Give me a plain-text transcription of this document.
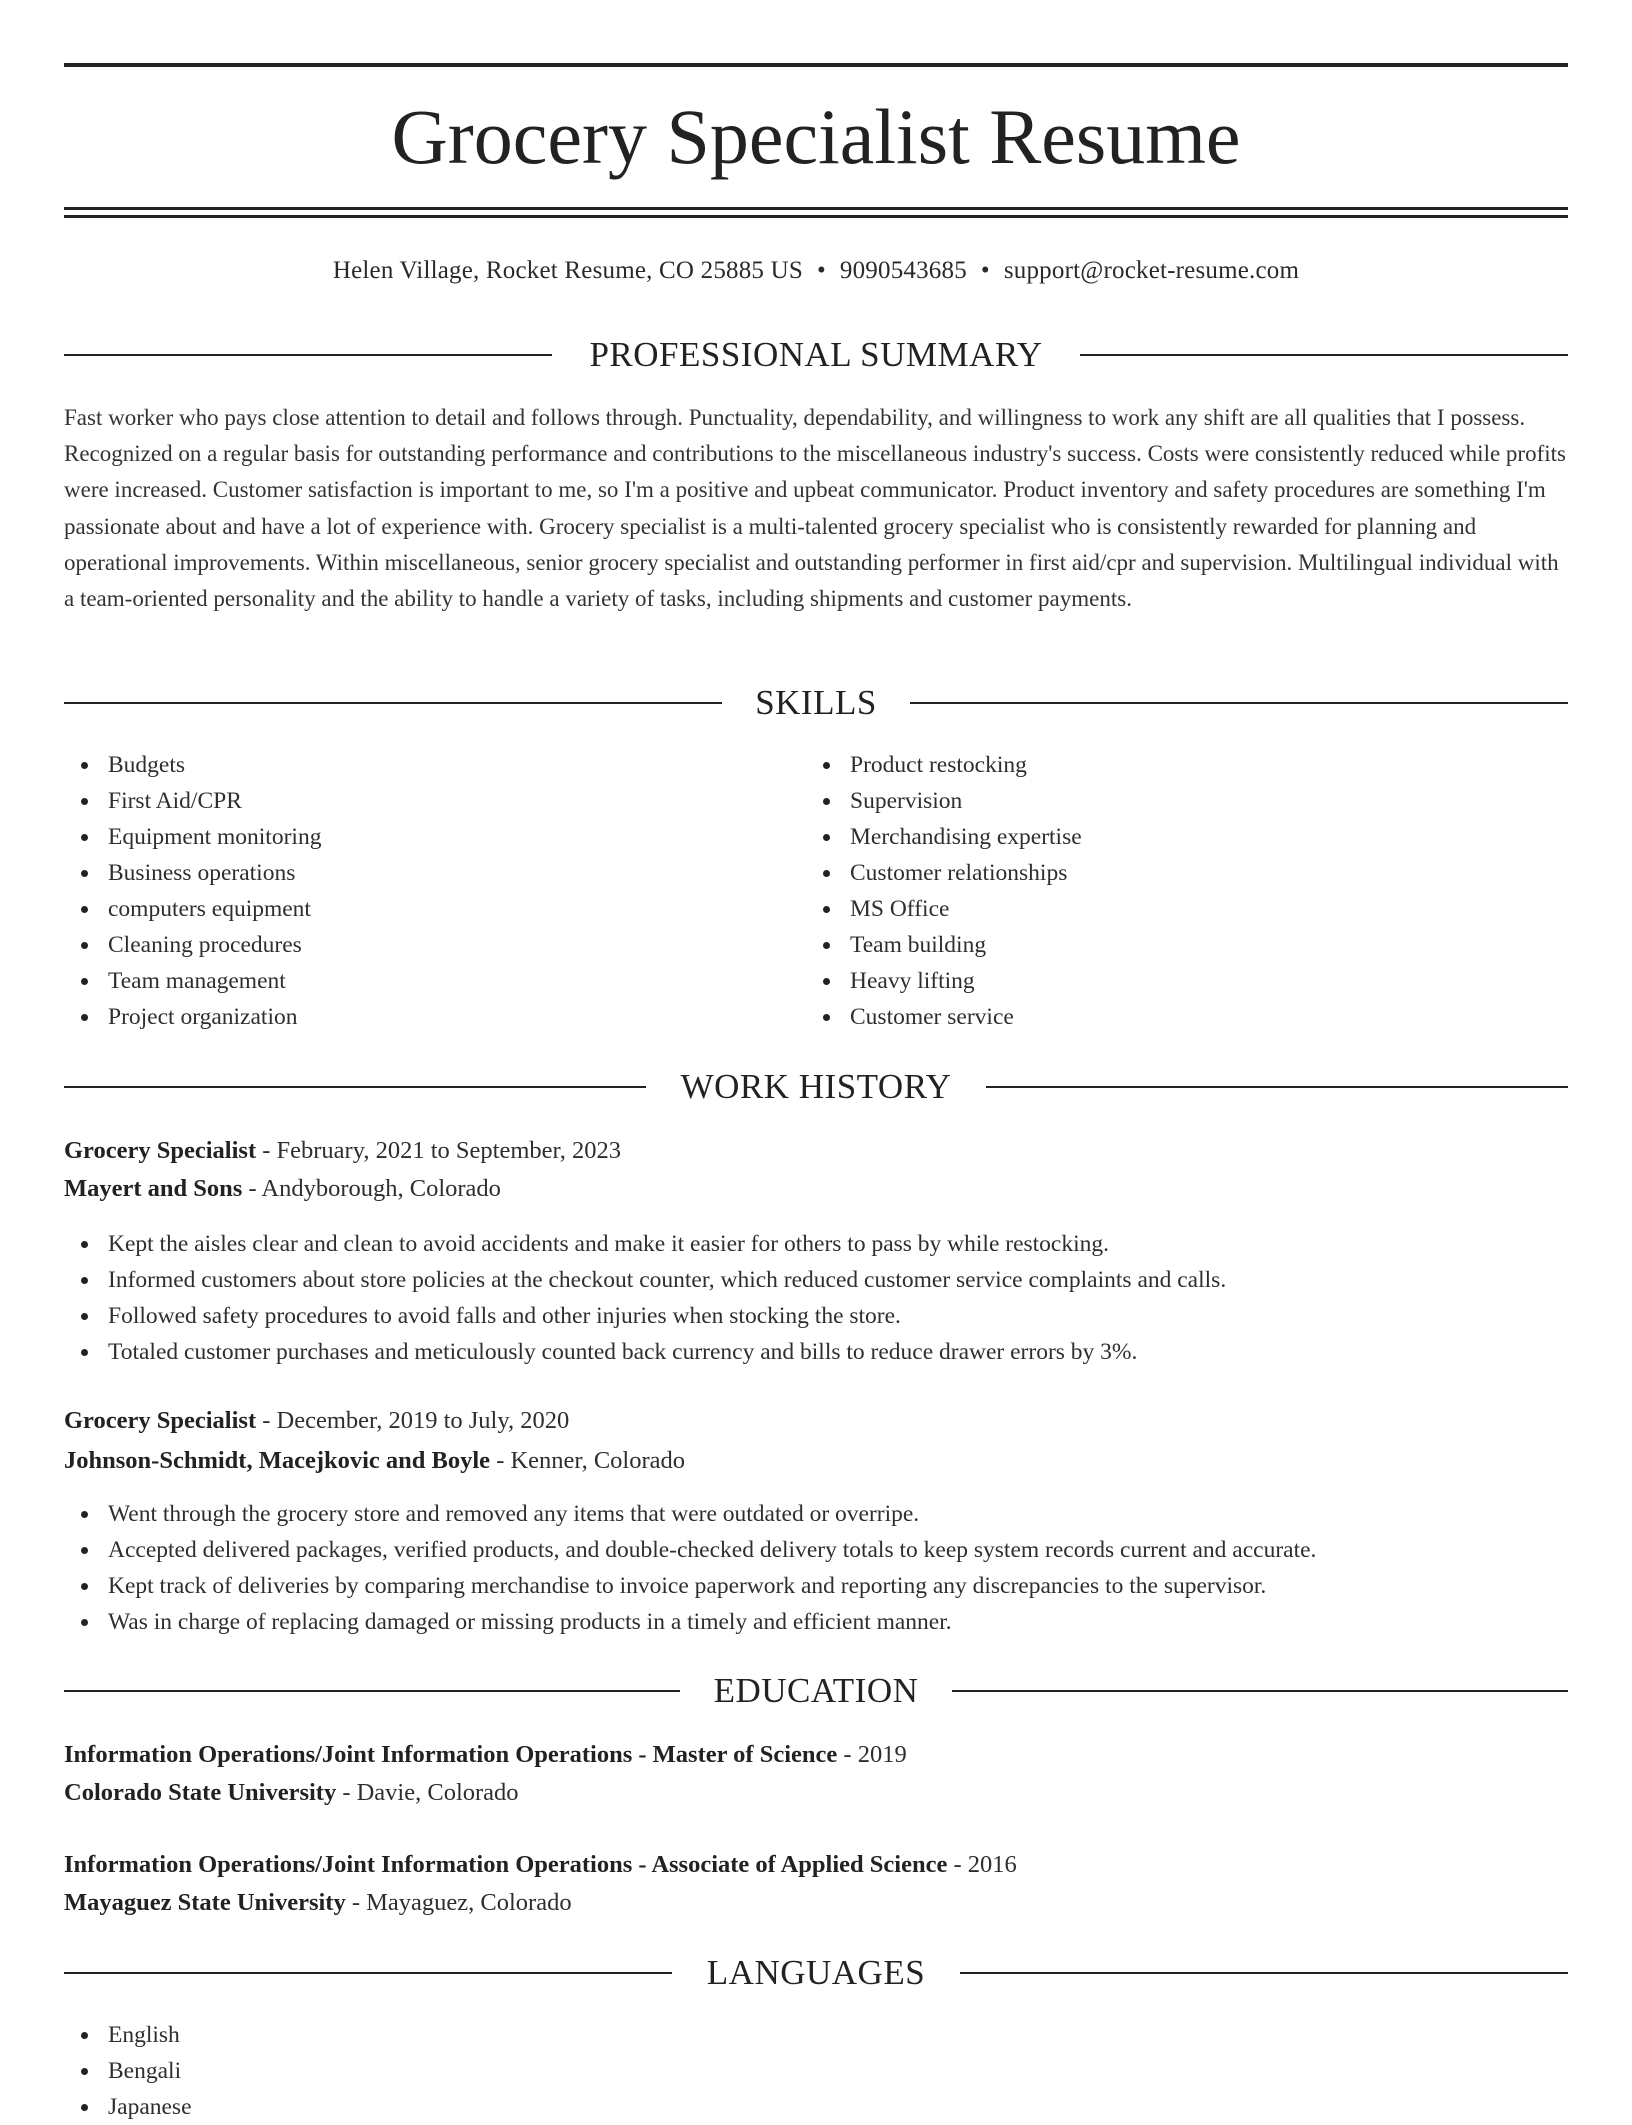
Grocery Specialist Resume
Helen Village, Rocket Resume, CO 25885 US • 9090543685 • support@rocket-resume.com
PROFESSIONAL SUMMARY
Fast worker who pays close attention to detail and follows through. Punctuality, dependability, and willingness to work any shift are all qualities that I possess. Recognized on a regular basis for outstanding performance and contributions to the miscellaneous industry's success. Costs were consistently reduced while profits were increased. Customer satisfaction is important to me, so I'm a positive and upbeat communicator. Product inventory and safety procedures are something I'm passionate about and have a lot of experience with. Grocery specialist is a multi-talented grocery specialist who is consistently rewarded for planning and operational improvements. Within miscellaneous, senior grocery specialist and outstanding performer in first aid/cpr and supervision. Multilingual individual with a team-oriented personality and the ability to handle a variety of tasks, including shipments and customer payments.
SKILLS
Budgets
First Aid/CPR
Equipment monitoring
Business operations
computers equipment
Cleaning procedures
Team management
Project organization
Product restocking
Supervision
Merchandising expertise
Customer relationships
MS Office
Team building
Heavy lifting
Customer service
WORK HISTORY
Grocery Specialist - February, 2021 to September, 2023
Mayert and Sons - Andyborough, Colorado
Kept the aisles clear and clean to avoid accidents and make it easier for others to pass by while restocking.
Informed customers about store policies at the checkout counter, which reduced customer service complaints and calls.
Followed safety procedures to avoid falls and other injuries when stocking the store.
Totaled customer purchases and meticulously counted back currency and bills to reduce drawer errors by 3%.
Grocery Specialist - December, 2019 to July, 2020
Johnson-Schmidt, Macejkovic and Boyle - Kenner, Colorado
Went through the grocery store and removed any items that were outdated or overripe.
Accepted delivered packages, verified products, and double-checked delivery totals to keep system records current and accurate.
Kept track of deliveries by comparing merchandise to invoice paperwork and reporting any discrepancies to the supervisor.
Was in charge of replacing damaged or missing products in a timely and efficient manner.
EDUCATION
Information Operations/Joint Information Operations - Master of Science - 2019
Colorado State University - Davie, Colorado
Information Operations/Joint Information Operations - Associate of Applied Science - 2016
Mayaguez State University - Mayaguez, Colorado
LANGUAGES
English
Bengali
Japanese
